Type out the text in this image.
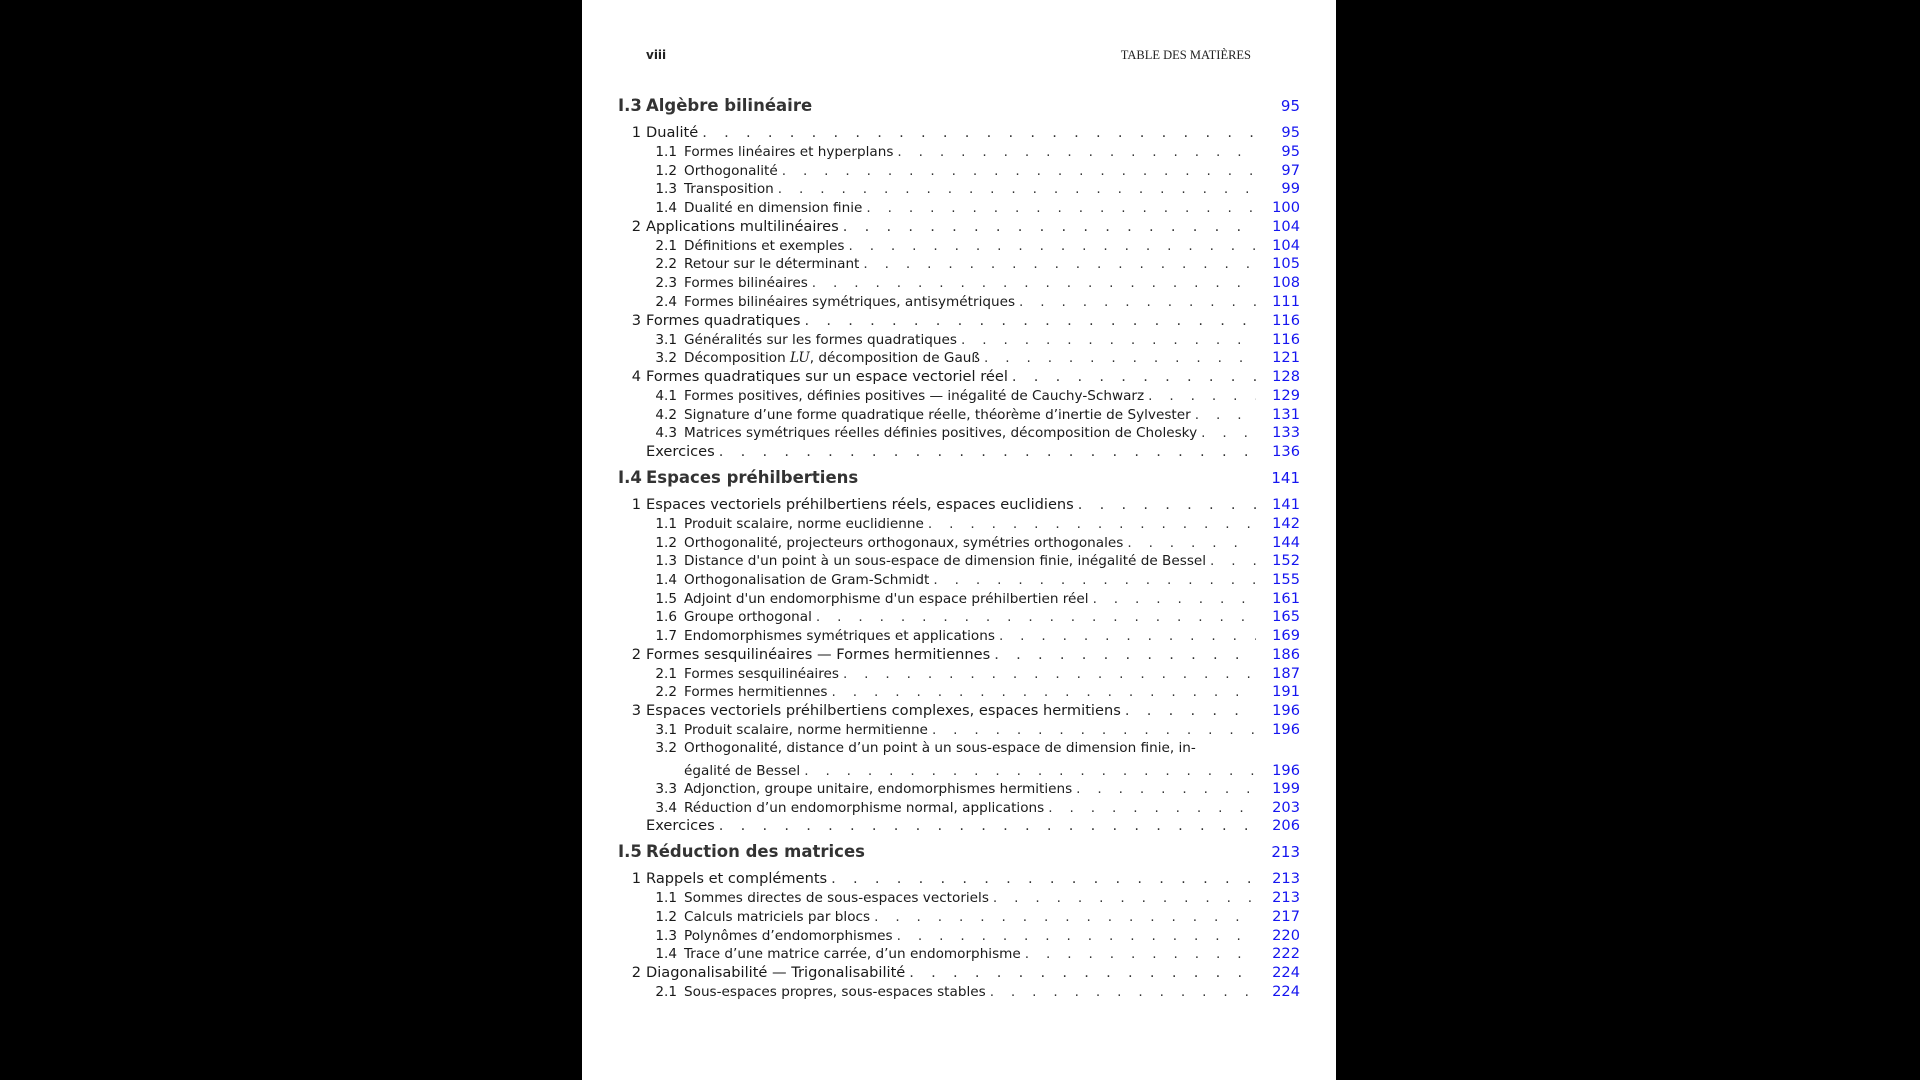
viii	TABLE DES MATIÈRES
I.3 Algèbre bilinéaire	95
1 Dualité . . .	95
1.1 Formes linéaires et hyperplans . . .	95
1.2 Orthogonalité . . .	97
1.3 Transposition . . .	99
1.4 Dualité en dimension finie . . .	100
2 Applications multilinéaires . . .	104
2.1 Définitions et exemples . . .	104
2.2 Retour sur le déterminant . . .	105
2.3 Formes bilinéaires . . .	108
2.4 Formes bilinéaires symétriques, antisymétriques . . .	111
3 Formes quadratiques . . .	116
3.1 Généralités sur les formes quadratiques . . .	116
3.2 Décomposition LU, décomposition de Gauß . . .	121
4 Formes quadratiques sur un espace vectoriel réel . . .	128
4.1 Formes positives, définies positives — inégalité de Cauchy-Schwarz . . .	129
4.2 Signature d’une forme quadratique réelle, théorème d’inertie de Sylvester . . .	131
4.3 Matrices symétriques réelles définies positives, décomposition de Cholesky . . .	133
Exercices . . .	136
I.4 Espaces préhilbertiens	141
1 Espaces vectoriels préhilbertiens réels, espaces euclidiens . . .	141
1.1 Produit scalaire, norme euclidienne . . .	142
1.2 Orthogonalité, projecteurs orthogonaux, symétries orthogonales . . .	144
1.3 Distance d'un point à un sous-espace de dimension finie, inégalité de Bessel . . .	152
1.4 Orthogonalisation de Gram-Schmidt . . .	155
1.5 Adjoint d'un endomorphisme d'un espace préhilbertien réel . . .	161
1.6 Groupe orthogonal . . .	165
1.7 Endomorphismes symétriques et applications . . .	169
2 Formes sesquilinéaires — Formes hermitiennes . . .	186
2.1 Formes sesquilinéaires . . .	187
2.2 Formes hermitiennes . . .	191
3 Espaces vectoriels préhilbertiens complexes, espaces hermitiens . . .	196
3.1 Produit scalaire, norme hermitienne . . .	196
3.2 Orthogonalité, distance d’un point à un sous-espace de dimension finie, in-
égalité de Bessel . . .	196
3.3 Adjonction, groupe unitaire, endomorphismes hermitiens . . .	199
3.4 Réduction d’un endomorphisme normal, applications . . .	203
Exercices . . .	206
I.5 Réduction des matrices	213
1 Rappels et compléments . . .	213
1.1 Sommes directes de sous-espaces vectoriels . . .	213
1.2 Calculs matriciels par blocs . . .	217
1.3 Polynômes d’endomorphismes . . .	220
1.4 Trace d’une matrice carrée, d’un endomorphisme . . .	222
2 Diagonalisabilité — Trigonalisabilité . . .	224
2.1 Sous-espaces propres, sous-espaces stables . . .	224
